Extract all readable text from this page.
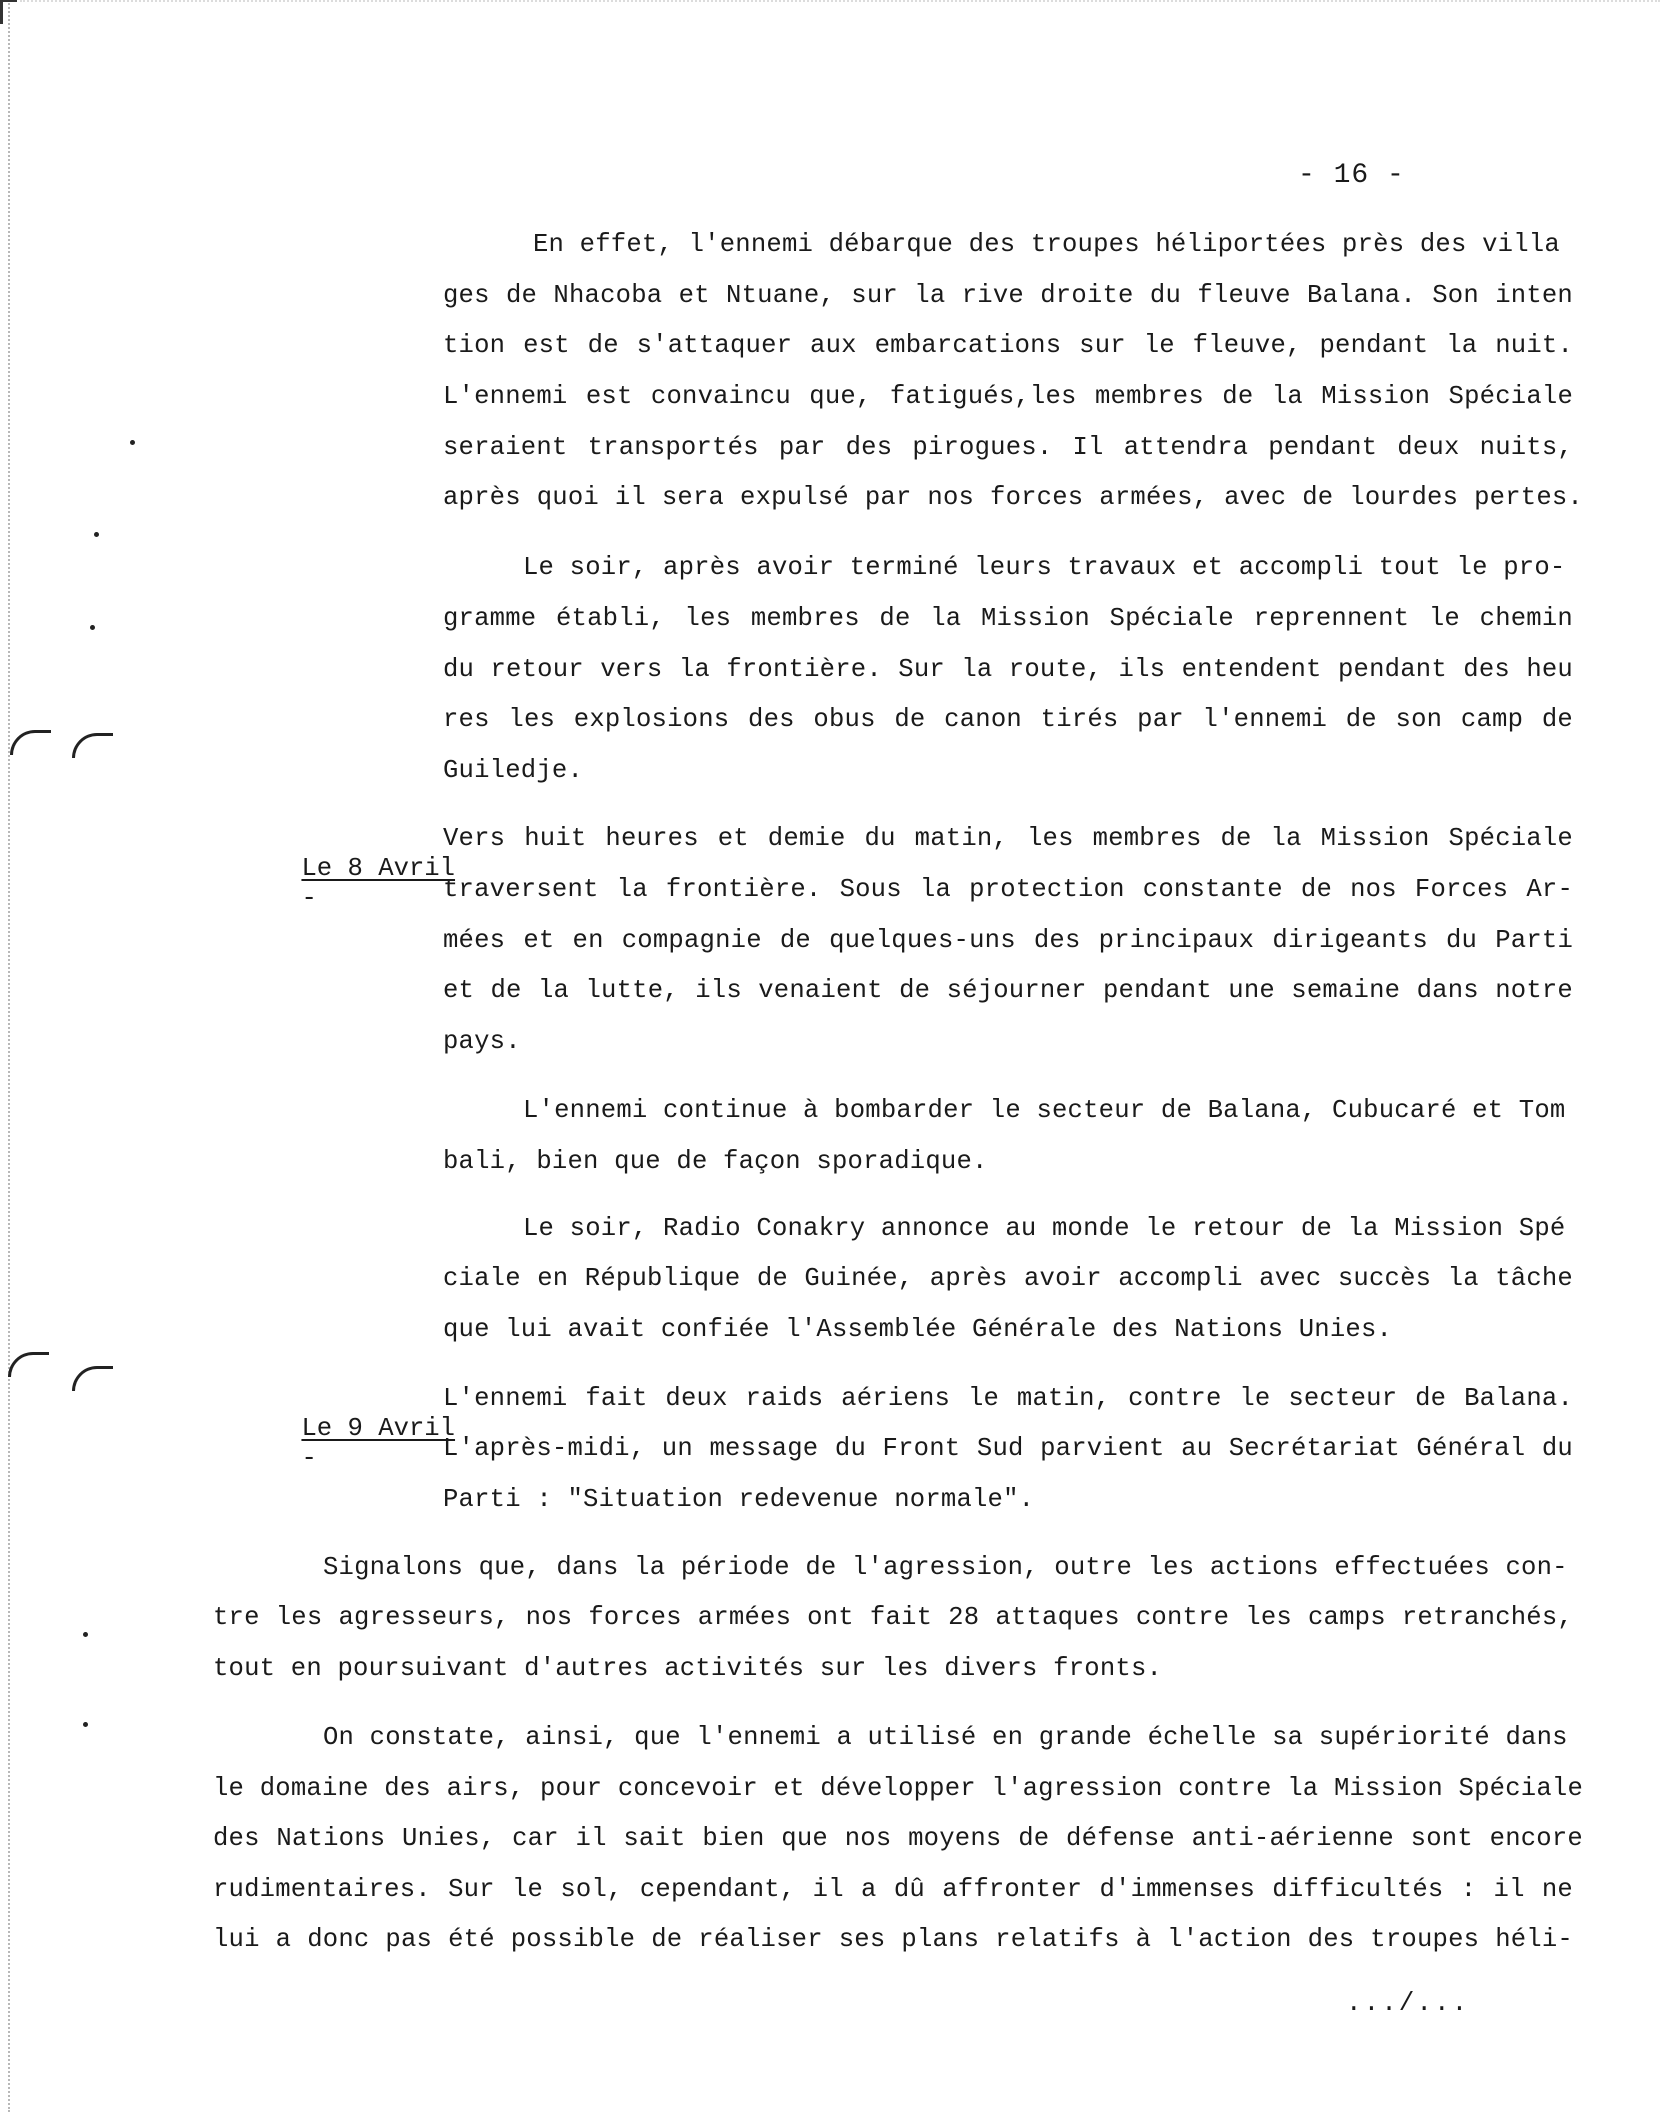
- 16 -
En effet, l'ennemi débarque des troupes héliportées près des villa
ges de Nhacoba et Ntuane, sur la rive droite du fleuve Balana. Son inten
tion est de s'attaquer aux embarcations sur le fleuve, pendant la nuit.
L'ennemi est convaincu que, fatigués,les membres de la Mission Spéciale
seraient transportés par des pirogues. Il attendra pendant deux nuits,
après quoi il sera expulsé par nos forces armées, avec de lourdes pertes.
Le soir, après avoir terminé leurs travaux et accompli tout le pro-
gramme établi, les membres de la Mission Spéciale reprennent le chemin
du retour vers la frontière. Sur la route, ils entendent pendant des heu
res les explosions des obus de canon tirés par l'ennemi de son camp de
Guiledje.

Le 8 Avril
-

Vers huit heures et demie du matin, les membres de la Mission Spéciale
traversent la frontière. Sous la protection constante de nos Forces Ar-
mées et en compagnie de quelques-uns des principaux dirigeants du Parti
et de la lutte, ils venaient de séjourner pendant une semaine dans notre
pays.
L'ennemi continue à bombarder le secteur de Balana, Cubucaré et Tom
bali, bien que de façon sporadique.
Le soir, Radio Conakry annonce au monde le retour de la Mission Spé
ciale en République de Guinée, après avoir accompli avec succès la tâche
que lui avait confiée l'Assemblée Générale des Nations Unies.

Le 9 Avril
-

L'ennemi fait deux raids aériens le matin, contre le secteur de Balana.
L'après-midi, un message du Front Sud parvient au Secrétariat Général du
Parti : "Situation redevenue normale".
Signalons que, dans la période de l'agression, outre les actions effectuées con-
tre les agresseurs, nos forces armées ont fait 28 attaques contre les camps retranchés,
tout en poursuivant d'autres activités sur les divers fronts.
On constate, ainsi, que l'ennemi a utilisé en grande échelle sa supériorité dans
le domaine des airs, pour concevoir et développer l'agression contre la Mission Spéciale
des Nations Unies, car il sait bien que nos moyens de défense anti-aérienne sont encore
rudimentaires. Sur le sol, cependant, il a dû affronter d'immenses difficultés : il ne
lui a donc pas été possible de réaliser ses plans relatifs à l'action des troupes héli-
.../...
